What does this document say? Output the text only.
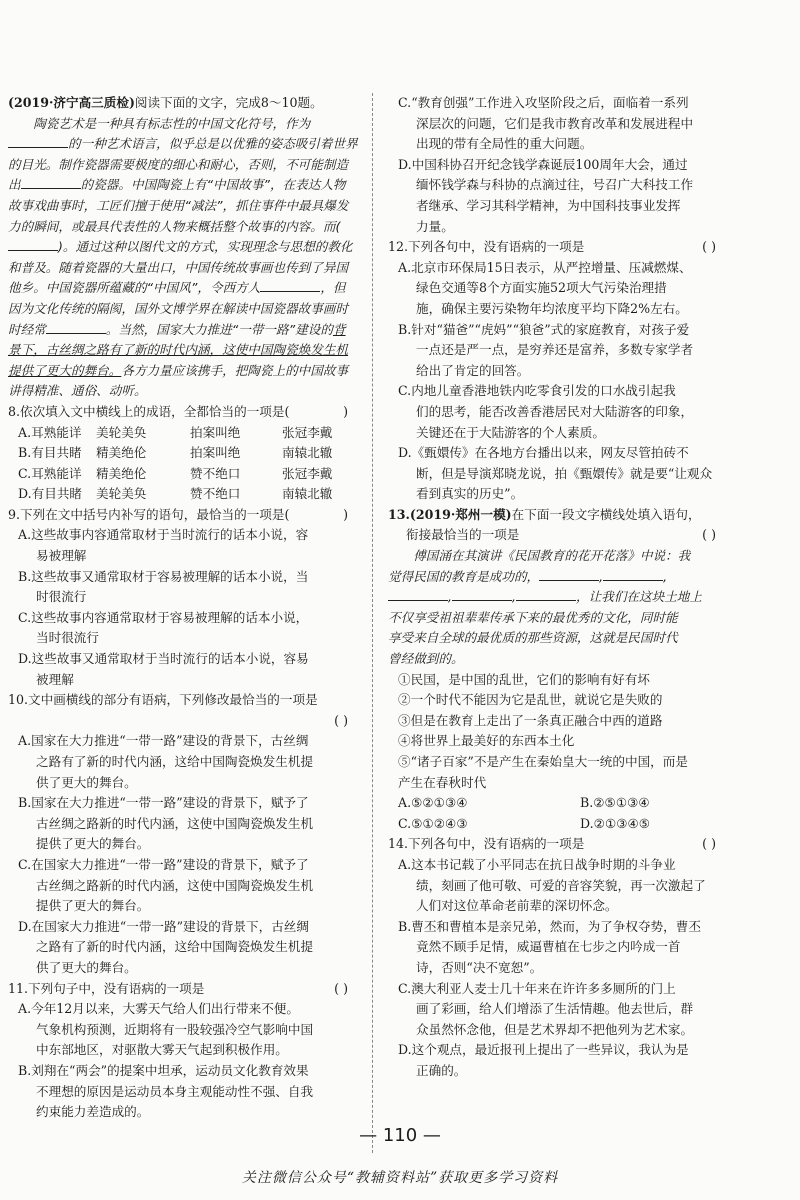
(2019·济宁高三质检)阅读下面的文字，完成8～10题。

陶瓷艺术是一种具有标志性的中国文化符号，作为的一种艺术语言，似乎总是以优雅的姿态吸引着世界的目光。制作瓷器需要极度的细心和耐心，否则，不可能制造出	的瓷器。中国陶瓷上有“中国故事”，在表达人物故事戏曲事时，工匠们擅于使用“减法”，抓住事件中最具爆发力的瞬间，或最具代表性的人物来概括整个故事的内容。而()。通过这种以图代文的方式，实现理念与思想的教化和普及。随着瓷器的大量出口，中国传统故事画也传到了异国他乡。中国瓷器所蕴藏的“中国风”，令西方人	，但因为文化传统的隔阂，国外文博学界在解读中国瓷器故事画时时经常	。当然，国家大力推进“一带一路”建设的背景下，古丝绸之路有了新的时代内涵，这使中国陶瓷焕发生机提供了更大的舞台。各方力量应该携手，把陶瓷上的中国故事讲得精准、通俗、动听。

8.依次填入文中横线上的成语，全都恰当的一项是(	)

A.耳熟能详	美轮美奂	拍案叫绝	张冠李戴
B.有目共睹	精美绝伦	拍案叫绝	南辕北辙
C.耳熟能详	精美绝伦	赞不绝口	张冠李戴
D.有目共睹	美轮美奂	赞不绝口	南辕北辙

9.下列在文中括号内补写的语句，最恰当的一项是(	)

A.这些故事内容通常取材于当时流行的话本小说，容

易被理解

B.这些故事又通常取材于容易被理解的话本小说，当

时很流行

C.这些故事内容通常取材于容易被理解的话本小说，

当时很流行

D.这些故事又通常取材于当时流行的话本小说，容易

被理解

10.文中画横线的部分有语病，下列修改最恰当的一项是

( )

A.国家在大力推进“一带一路”建设的背景下，古丝绸

之路有了新的时代内涵，这给中国陶瓷焕发生机提

供了更大的舞台。

B.国家在大力推进“一带一路”建设的背景下，赋予了

古丝绸之路新的时代内涵，这使中国陶瓷焕发生机

提供了更大的舞台。

C.在国家大力推进“一带一路”建设的背景下，赋予了

古丝绸之路新的时代内涵，这使中国陶瓷焕发生机

提供了更大的舞台。

D.在国家大力推进“一带一路”建设的背景下，古丝绸

之路有了新的时代内涵，这给中国陶瓷焕发生机提

供了更大的舞台。

11.下列句子中，没有语病的一项是	( )

A.今年12月以来，大雾天气给人们出行带来不便。

气象机构预测，近期将有一股较强冷空气影响中国

中东部地区，对驱散大雾天气起到积极作用。

B.刘翔在“两会”的提案中坦承，运动员文化教育效果

不理想的原因是运动员本身主观能动性不强、自我

约束能力差造成的。

C.“教育创强”工作进入攻坚阶段之后，面临着一系列

深层次的问题，它们是我市教育改革和发展进程中

出现的带有全局性的重大问题。

D.中国科协召开纪念钱学森诞辰100周年大会，通过

缅怀钱学森与科协的点滴过往，号召广大科技工作

者继承、学习其科学精神，为中国科技事业发挥

力量。

12.下列各句中，没有语病的一项是	( )

A.北京市环保局15日表示，从严控增量、压减燃煤、

绿色交通等8个方面实施52项大气污染治理措

施，确保主要污染物年均浓度平均下降2%左右。

B.针对“猫爸”“虎妈”“狼爸”式的家庭教育，对孩子爱

一点还是严一点，是穷养还是富养，多数专家学者

给出了肯定的回答。

C.内地儿童香港地铁内吃零食引发的口水战引起我

们的思考，能否改善香港居民对大陆游客的印象，

关键还在于大陆游客的个人素质。

D.《甄嬛传》在各地方台播出以来，网友尽管拍砖不

断，但是导演郑晓龙说，拍《甄嬛传》就是要“让观众

看到真实的历史”。

13.(2019·郑州一模)在下面一段文字横线处填入语句，

衔接最恰当的一项是	( )

傅国涌在其演讲《民国教育的花开花落》中说：我

觉得民国的教育是成功的，	,	,

,	,	，让我们在这块土地上

不仅享受祖祖辈辈传承下来的最优秀的文化，同时能

享受来自全球的最优质的那些资源，这就是民国时代

曾经做到的。

①民国，是中国的乱世，它们的影响有好有坏

②一个时代不能因为它是乱世，就说它是失败的

③但是在教育上走出了一条真正融合中西的道路

④将世界上最美好的东西本土化

⑤“诸子百家”不是产生在秦始皇大一统的中国，而是

产生在春秋时代

A.⑤②①③④	B.②⑤①③④
C.⑤①②④③	D.②①③④⑤

14.下列各句中，没有语病的一项是	( )

A.这本书记载了小平同志在抗日战争时期的斗争业

绩，刻画了他可敬、可爱的音容笑貌，再一次激起了

人们对这位革命老前辈的深切怀念。

B.曹丕和曹植本是亲兄弟，然而，为了争权夺势，曹丕

竟然不顾手足情，威逼曹植在七步之内吟成一首

诗，否则“决不宽恕”。

C.澳大利亚人麦士几十年来在许许多多厕所的门上

画了彩画，给人们增添了生活情趣。他去世后，群

众虽然怀念他，但是艺术界却不把他列为艺术家。

D.这个观点，最近报刊上提出了一些异议，我认为是

正确的。

— 110 —
关注微信公众号“教辅资料站”获取更多学习资料
